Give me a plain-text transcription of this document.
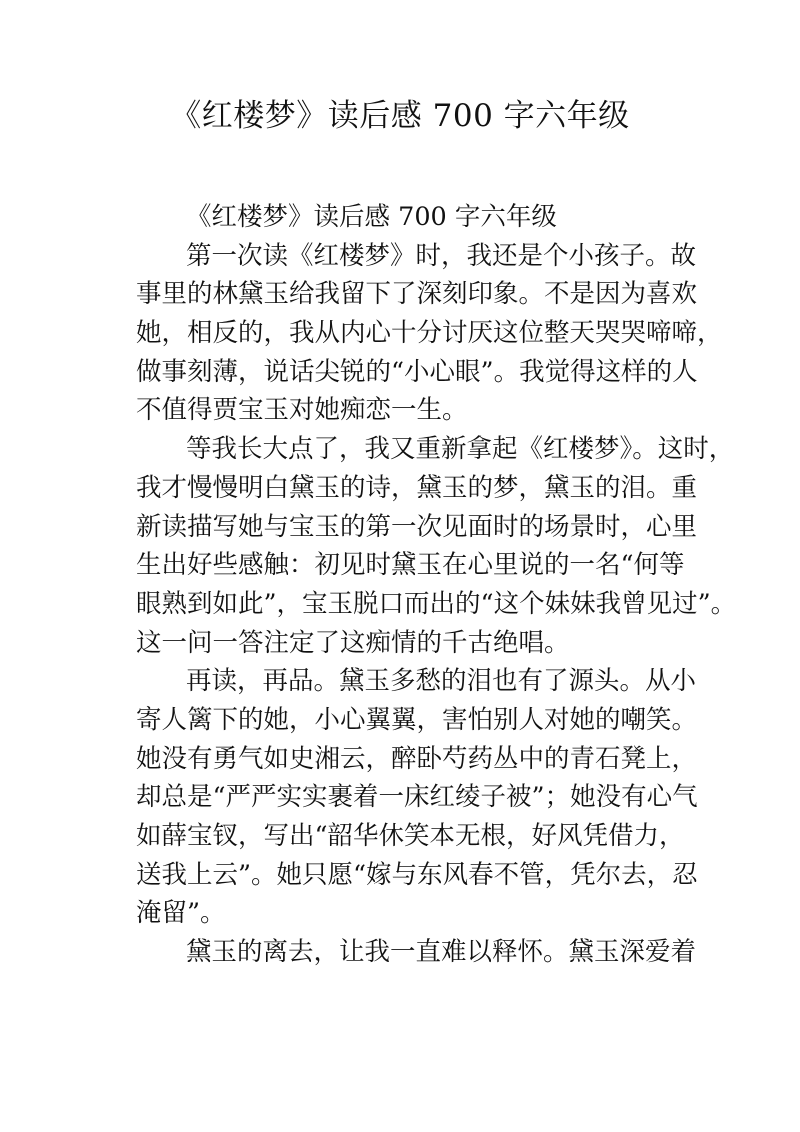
《红楼梦》读后感 700 字六年级
《红楼梦》读后感 700 字六年级
第一次读《红楼梦》时，我还是个小孩子。故
事里的林黛玉给我留下了深刻印象。不是因为喜欢
她，相反的，我从内心十分讨厌这位整天哭哭啼啼，
做事刻薄，说话尖锐的“小心眼”。我觉得这样的人
不值得贾宝玉对她痴恋一生。
等我长大点了，我又重新拿起《红楼梦》。这时，
我才慢慢明白黛玉的诗，黛玉的梦，黛玉的泪。重
新读描写她与宝玉的第一次见面时的场景时，心里
生出好些感触：初见时黛玉在心里说的一名“何等
眼熟到如此”，宝玉脱口而出的“这个妹妹我曾见过”。
这一问一答注定了这痴情的千古绝唱。
再读，再品。黛玉多愁的泪也有了源头。从小
寄人篱下的她，小心翼翼，害怕别人对她的嘲笑。
她没有勇气如史湘云，醉卧芍药丛中的青石凳上，
却总是“严严实实裹着一床红绫子被”；她没有心气
如薛宝钗，写出“韶华休笑本无根，好风凭借力，
送我上云”。她只愿“嫁与东风春不管，凭尔去，忍
淹留”。
黛玉的离去，让我一直难以释怀。黛玉深爱着
